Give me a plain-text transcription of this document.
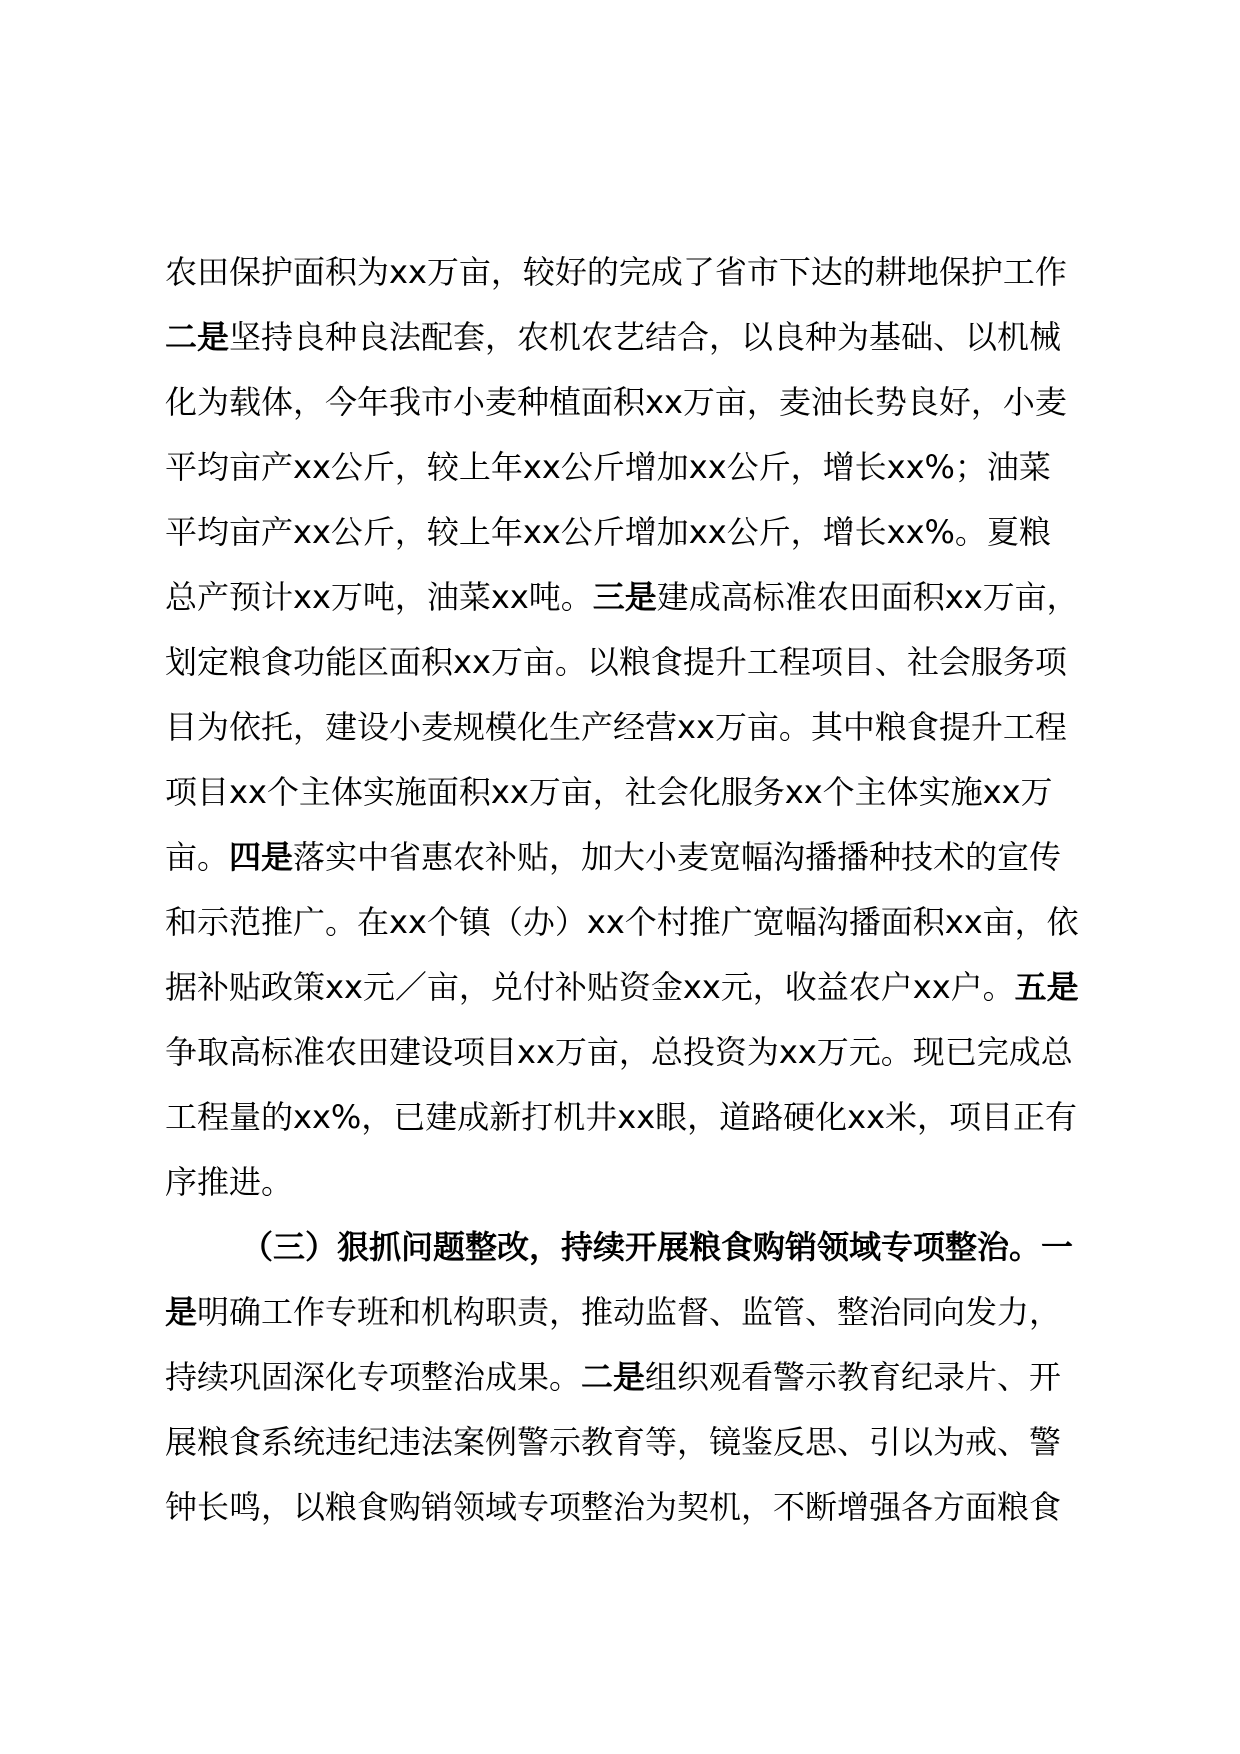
农田保护面积为xx万亩，较好的完成了省市下达的耕地保护工作
二是坚持良种良法配套，农机农艺结合，以良种为基础、以机械
化为载体，今年我市小麦种植面积xx万亩，麦油长势良好，小麦
平均亩产xx公斤，较上年xx公斤增加xx公斤，增长xx%；油菜
平均亩产xx公斤，较上年xx公斤增加xx公斤，增长xx%。夏粮
总产预计xx万吨，油菜xx吨。三是建成高标准农田面积xx万亩，
划定粮食功能区面积xx万亩。以粮食提升工程项目、社会服务项
目为依托，建设小麦规模化生产经营xx万亩。其中粮食提升工程
项目xx个主体实施面积xx万亩，社会化服务xx个主体实施xx万
亩。四是落实中省惠农补贴，加大小麦宽幅沟播播种技术的宣传
和示范推广。在xx个镇（办）xx个村推广宽幅沟播面积xx亩，依
据补贴政策xx元／亩，兑付补贴资金xx元，收益农户xx户。五是
争取高标准农田建设项目xx万亩，总投资为xx万元。现已完成总
工程量的xx%，已建成新打机井xx眼，道路硬化xx米，项目正有
序推进。
（三）狠抓问题整改，持续开展粮食购销领域专项整治。一
是明确工作专班和机构职责，推动监督、监管、整治同向发力，
持续巩固深化专项整治成果。二是组织观看警示教育纪录片、开
展粮食系统违纪违法案例警示教育等，镜鉴反思、引以为戒、警
钟长鸣，以粮食购销领域专项整治为契机，不断增强各方面粮食
